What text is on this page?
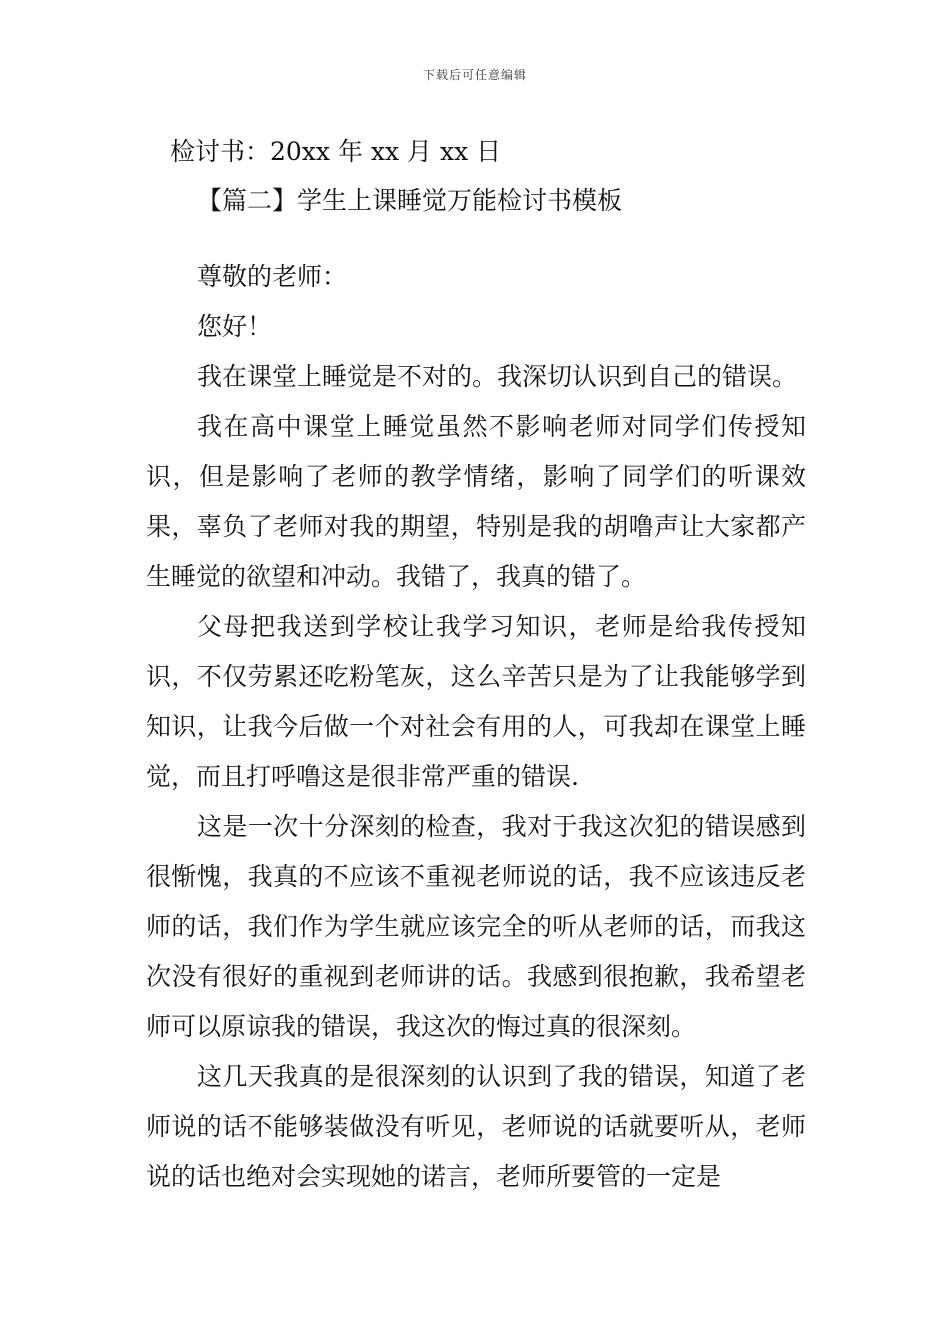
下载后可任意编辑
检讨书：20xx 年 xx 月 xx 日
【篇二】学生上课睡觉万能检讨书模板

尊敬的老师：

您好！

我在课堂上睡觉是不对的。我深切认识到自己的错误。

我在高中课堂上睡觉虽然不影响老师对同学们传授知识，但是影响了老师的教学情绪，影响了同学们的听课效果，辜负了老师对我的期望，特别是我的胡噜声让大家都产生睡觉的欲望和冲动。我错了，我真的错了。

父母把我送到学校让我学习知识，老师是给我传授知识，不仅劳累还吃粉笔灰，这么辛苦只是为了让我能够学到知识，让我今后做一个对社会有用的人，可我却在课堂上睡觉，而且打呼噜这是很非常严重的错误.

这是一次十分深刻的检查，我对于我这次犯的错误感到很惭愧，我真的不应该不重视老师说的话，我不应该违反老师的话，我们作为学生就应该完全的听从老师的话，而我这次没有很好的重视到老师讲的话。我感到很抱歉，我希望老师可以原谅我的错误，我这次的悔过真的很深刻。

这几天我真的是很深刻的认识到了我的错误，知道了老师说的话不能够装做没有听见，老师说的话就要听从，老师说的话也绝对会实现她的诺言，老师所要管的一定是
